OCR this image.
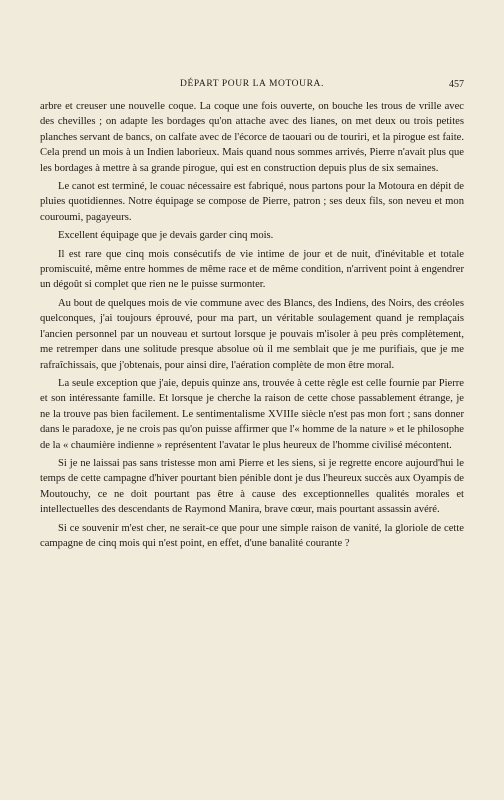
DÉPART POUR LA MOTOURA.	457

arbre et creuser une nouvelle coque. La coque une fois ouverte, on bouche les trous de vrille avec des chevilles ; on adapte les bordages qu'on attache avec des lianes, on met deux ou trois petites planches servant de bancs, on calfate avec de l'écorce de taouari ou de touriri, et la pirogue est faite. Cela prend un mois à un Indien laborieux. Mais quand nous sommes arrivés, Pierre n'avait plus que les bordages à mettre à sa grande pirogue, qui est en construction depuis plus de six semaines.

Le canot est terminé, le couac nécessaire est fabriqué, nous partons pour la Motoura en dépit de pluies quotidiennes. Notre équipage se compose de Pierre, patron ; ses deux fils, son neveu et mon couroumi, pagayeurs.

Excellent équipage que je devais garder cinq mois.

Il est rare que cinq mois consécutifs de vie intime de jour et de nuit, d'inévitable et totale promiscuité, même entre hommes de même race et de même condition, n'arrivent point à engendrer un dégoût si complet que rien ne le puisse surmonter.

Au bout de quelques mois de vie commune avec des Blancs, des Indiens, des Noirs, des créoles quelconques, j'ai toujours éprouvé, pour ma part, un véritable soulagement quand je remplaçais l'ancien personnel par un nouveau et surtout lorsque je pouvais m'isoler à peu près complètement, me retremper dans une solitude presque absolue où il me semblait que je me purifiais, que je me rafraîchissais, que j'obtenais, pour ainsi dire, l'aération complète de mon être moral.

La seule exception que j'aie, depuis quinze ans, trouvée à cette règle est celle fournie par Pierre et son intéressante famille. Et lorsque je cherche la raison de cette chose passablement étrange, je ne la trouve pas bien facilement. Le sentimentalisme XVIIIe siècle n'est pas mon fort ; sans donner dans le paradoxe, je ne crois pas qu'on puisse affirmer que l'« homme de la nature » et le philosophe de la « chaumière indienne » représentent l'avatar le plus heureux de l'homme civilisé mécontent.

Si je ne laissai pas sans tristesse mon ami Pierre et les siens, si je regrette encore aujourd'hui le temps de cette campagne d'hiver pourtant bien pénible dont je dus l'heureux succès aux Oyampis de Moutouchy, ce ne doit pourtant pas être à cause des exceptionnelles qualités morales et intellectuelles des descendants de Raymond Manira, brave cœur, mais pourtant assassin avéré.

Si ce souvenir m'est cher, ne serait-ce que pour une simple raison de vanité, la gloriole de cette campagne de cinq mois qui n'est point, en effet, d'une banalité courante ?
